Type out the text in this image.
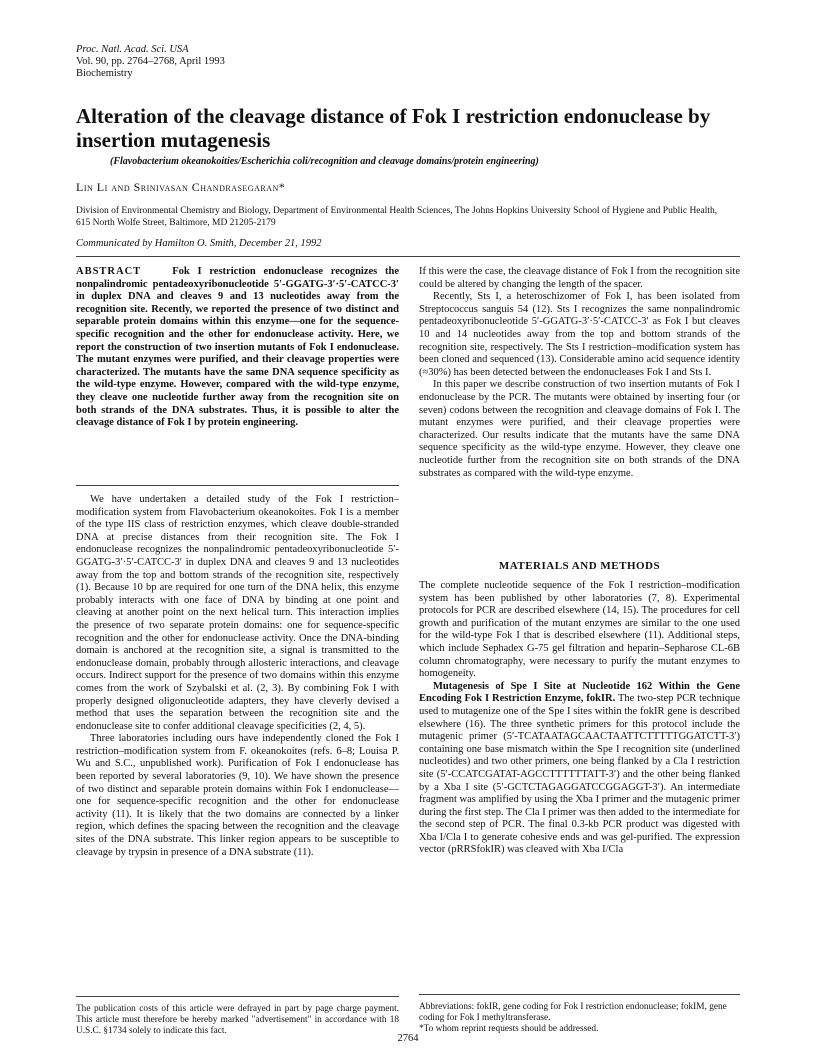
Proc. Natl. Acad. Sci. USA
Vol. 90, pp. 2764–2768, April 1993
Biochemistry
Alteration of the cleavage distance of Fok I restriction endonuclease by insertion mutagenesis
(Flavobacterium okeanokoities/Escherichia coli/recognition and cleavage domains/protein engineering)
Lin Li and Srinivasan Chandrasegaran*
Division of Environmental Chemistry and Biology, Department of Environmental Health Sciences, The Johns Hopkins University School of Hygiene and Public Health, 615 North Wolfe Street, Baltimore, MD 21205-2179
Communicated by Hamilton O. Smith, December 21, 1992

ABSTRACT	Fok I restriction endonuclease recognizes the nonpalindromic pentadeoxyribonucleotide 5′-GGATG-3′·5′-CATCC-3′ in duplex DNA and cleaves 9 and 13 nucleotides away from the recognition site. Recently, we reported the presence of two distinct and separable protein domains within this enzyme—one for the sequence-specific recognition and the other for endonuclease activity. Here, we report the construction of two insertion mutants of Fok I endonuclease. The mutant enzymes were purified, and their cleavage properties were characterized. The mutants have the same DNA sequence specificity as the wild-type enzyme. However, compared with the wild-type enzyme, they cleave one nucleotide further away from the recognition site on both strands of the DNA substrates. Thus, it is possible to alter the cleavage distance of Fok I by protein engineering.

We have undertaken a detailed study of the Fok I restriction–modification system from Flavobacterium okeanokoites. Fok I is a member of the type IIS class of restriction enzymes, which cleave double-stranded DNA at precise distances from their recognition site. The Fok I endonuclease recognizes the nonpalindromic pentadeoxyribonucleotide 5′-GGATG-3′·5′-CATCC-3′ in duplex DNA and cleaves 9 and 13 nucleotides away from the top and bottom strands of the recognition site, respectively (1). Because 10 bp are required for one turn of the DNA helix, this enzyme probably interacts with one face of DNA by binding at one point and cleaving at another point on the next helical turn. This interaction implies the presence of two separate protein domains: one for sequence-specific recognition and the other for endonuclease activity. Once the DNA-binding domain is anchored at the recognition site, a signal is transmitted to the endonuclease domain, probably through allosteric interactions, and cleavage occurs. Indirect support for the presence of two domains within this enzyme comes from the work of Szybalski et al. (2, 3). By combining Fok I with properly designed oligonucleotide adapters, they have cleverly devised a method that uses the separation between the recognition site and the endonuclease site to confer additional cleavage specificities (2, 4, 5).

Three laboratories including ours have independently cloned the Fok I restriction–modification system from F. okeanokoites (refs. 6–8; Louisa P. Wu and S.C., unpublished work). Purification of Fok I endonuclease has been reported by several laboratories (9, 10). We have shown the presence of two distinct and separable protein domains within Fok I endonuclease—one for sequence-specific recognition and the other for endonuclease activity (11). It is likely that the two domains are connected by a linker region, which defines the spacing between the recognition and the cleavage sites of the DNA substrate. This linker region appears to be susceptible to cleavage by trypsin in presence of a DNA substrate (11).

If this were the case, the cleavage distance of Fok I from the recognition site could be altered by changing the length of the spacer.

Recently, Sts I, a heteroschizomer of Fok I, has been isolated from Streptococcus sanguis 54 (12). Sts I recognizes the same nonpalindromic pentadeoxyribonucleotide 5′-GGATG-3′·5′-CATCC-3′ as Fok I but cleaves 10 and 14 nucleotides away from the top and bottom strands of the recognition site, respectively. The Sts I restriction–modification system has been cloned and sequenced (13). Considerable amino acid sequence identity (≈30%) has been detected between the endonucleases Fok I and Sts I.

In this paper we describe construction of two insertion mutants of Fok I endonuclease by the PCR. The mutants were obtained by inserting four (or seven) codons between the recognition and cleavage domains of Fok I. The mutant enzymes were purified, and their cleavage properties were characterized. Our results indicate that the mutants have the same DNA sequence specificity as the wild-type enzyme. However, they cleave one nucleotide further from the recognition site on both strands of the DNA substrates as compared with the wild-type enzyme.

MATERIALS AND METHODS

The complete nucleotide sequence of the Fok I restriction–modification system has been published by other laboratories (7, 8). Experimental protocols for PCR are described elsewhere (14, 15). The procedures for cell growth and purification of the mutant enzymes are similar to the one used for the wild-type Fok I that is described elsewhere (11). Additional steps, which include Sephadex G-75 gel filtration and heparin–Sepharose CL-6B column chromatography, were necessary to purify the mutant enzymes to homogeneity.

Mutagenesis of Spe I Site at Nucleotide 162 Within the Gene Encoding Fok I Restriction Enzyme, fokIR. The two-step PCR technique used to mutagenize one of the Spe I sites within the fokIR gene is described elsewhere (16). The three synthetic primers for this protocol include the mutagenic primer (5′-TCATAATAGCAACTAATTCTTTTTGGATCTT-3′) containing one base mismatch within the Spe I recognition site (underlined nucleotides) and two other primers, one being flanked by a Cla I restriction site (5′-CCATCGATAT-AGCCTTTTTTATT-3′) and the other being flanked by a Xba I site (5′-GCTCTAGAGGATCCGGAGGT-3′). An intermediate fragment was amplified by using the Xba I primer and the mutagenic primer during the first step. The Cla I primer was then added to the intermediate for the second step of PCR. The final 0.3-kb PCR product was digested with Xba I/Cla I to generate cohesive ends and was gel-purified. The expression vector (pRRSfokIR) was cleaved with Xba I/Cla

The publication costs of this article were defrayed in part by page charge payment. This article must therefore be hereby marked "advertisement" in accordance with 18 U.S.C. §1734 solely to indicate this fact.
Abbreviations: fokIR, gene coding for Fok I restriction endonuclease; fokIM, gene coding for Fok I methyltransferase.
*To whom reprint requests should be addressed.
2764
